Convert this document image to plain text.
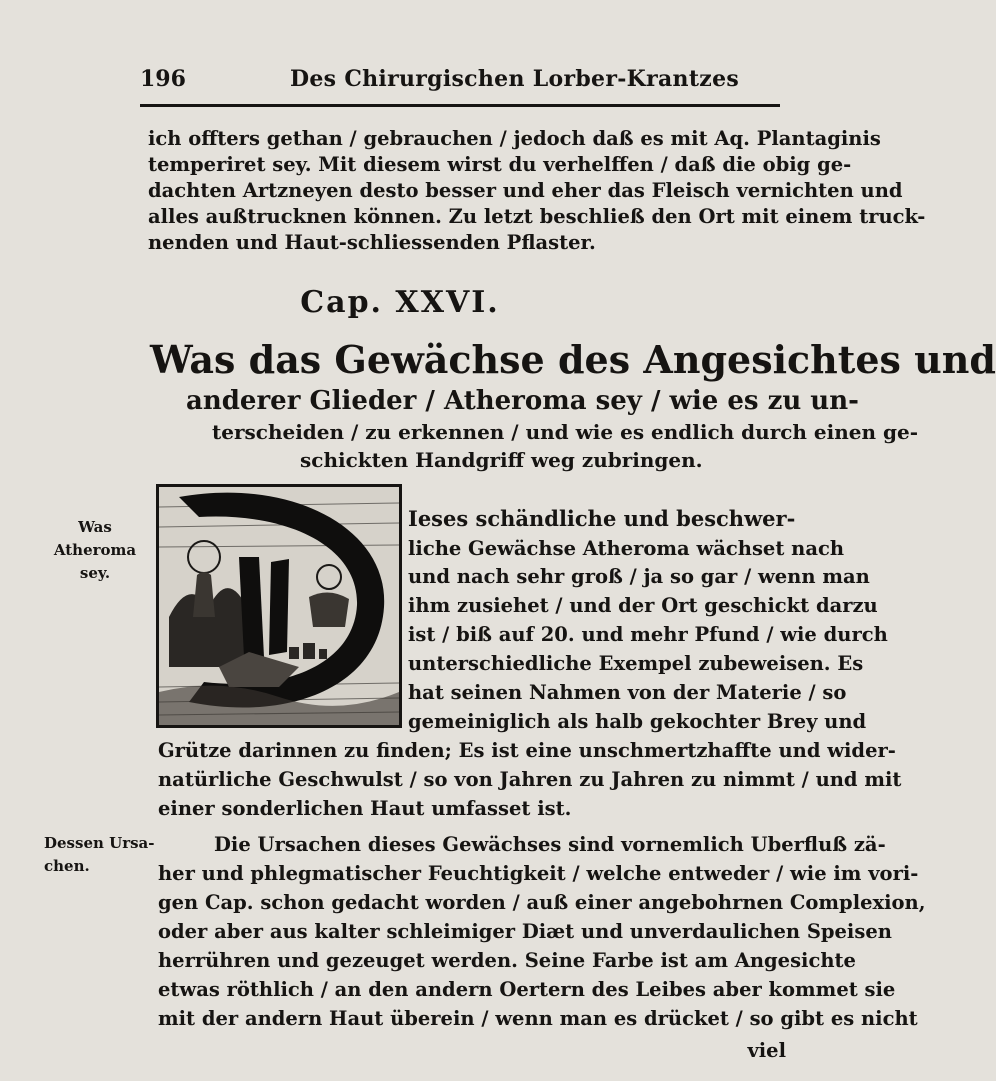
196	Des Chirurgischen Lorber-Krantzes
ich offters gethan / gebrauchen / jedoch daß es mit Aq. Plantaginis
temperiret sey. Mit diesem wirst du verhelffen / daß die obig ge-
dachten Artzneyen desto besser und eher das Fleisch vernichten und
alles außtrucknen können. Zu letzt beschließ den Ort mit einem truck-
nenden und Haut-schliessenden Pflaster.
Cap. XXVI.
Was das Gewächse des Angesichtes und
anderer Glieder / Atheroma sey / wie es zu un-
terscheiden / zu erkennen / und wie es endlich durch einen ge-
schickten Handgriff weg zubringen.
Was
Atheroma
sey.
Dessen Ursa-
chen.
Ieses schändliche und beschwer-
liche Gewächse Atheroma wächset nach
und nach sehr groß / ja so gar / wenn man
ihm zusiehet / und der Ort geschickt darzu
ist / biß auf 20. und mehr Pfund / wie durch
unterschiedliche Exempel zubeweisen. Es
hat seinen Nahmen von der Materie / so
gemeiniglich als halb gekochter Brey und
Grütze darinnen zu finden; Es ist eine unschmertzhaffte und wider-
natürliche Geschwulst / so von Jahren zu Jahren zu nimmt / und mit
einer sonderlichen Haut umfasset ist.
Die Ursachen dieses Gewächses sind vornemlich Uberfluß zä-
her und phlegmatischer Feuchtigkeit / welche entweder / wie im vori-
gen Cap. schon gedacht worden / auß einer angebohrnen Complexion,
oder aber aus kalter schleimiger Diæt und unverdaulichen Speisen
herrühren und gezeuget werden. Seine Farbe ist am Angesichte
etwas röthlich / an den andern Oertern des Leibes aber kommet sie
mit der andern Haut überein / wenn man es drücket / so gibt es nicht
viel
